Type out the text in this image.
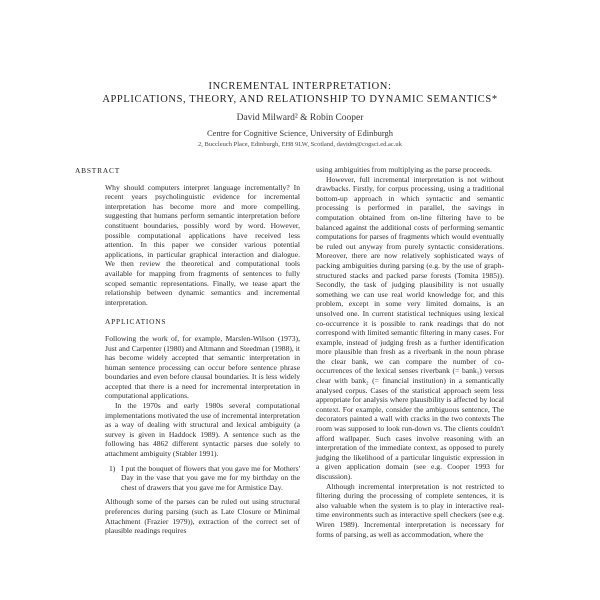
INCREMENTAL INTERPRETATION:
APPLICATIONS, THEORY, AND RELATIONSHIP TO DYNAMIC SEMANTICS*
David Milward² & Robin Cooper
Centre for Cognitive Science, University of Edinburgh
2, Buccleuch Place, Edinburgh, EH8 9LW, Scotland, davidm@cogsci.ed.ac.uk
ABSTRACT

Why should computers interpret language incrementally? In recent years psycholinguistic evidence for incremental interpretation has become more and more compelling, suggesting that humans perform semantic interpretation before constituent boundaries, possibly word by word. However, possible computational applications have received less attention. In this paper we consider various potential applications, in particular graphical interaction and dialogue. We then review the theoretical and computational tools available for mapping from fragments of sentences to fully scoped semantic representations. Finally, we tease apart the relationship between dynamic semantics and incremental interpretation.

APPLICATIONS

Following the work of, for example, Marslen-Wilson (1973), Just and Carpenter (1980) and Altmann and Steedman (1988), it has become widely accepted that semantic interpretation in human sentence processing can occur before sentence phrase boundaries and even before clausal boundaries. It is less widely accepted that there is a need for incremental interpretation in computational applications.

In the 1970s and early 1980s several computational implementations motivated the use of incremental interpretation as a way of dealing with structural and lexical ambiguity (a survey is given in Haddock 1989). A sentence such as the following has 4862 different syntactic parses due solely to attachment ambiguity (Stabler 1991).

1) I put the bouquet of flowers that you gave me for Mothers' Day in the vase that you gave me for my birthday on the chest of drawers that you gave me for Armistice Day.

Although some of the parses can be ruled out using structural preferences during parsing (such as Late Closure or Minimal Attachment (Frazier 1979)), extraction of the correct set of plausible readings requires

using ambiguities from multiplying as the parse proceeds.

However, full incremental interpretation is not without drawbacks. Firstly, for corpus processing, using a traditional bottom-up approach in which syntactic and semantic processing is performed in parallel, the savings in computation obtained from on-line filtering have to be balanced against the additional costs of performing semantic computations for parses of fragments which would eventually be ruled out anyway from purely syntactic considerations. Moreover, there are now relatively sophisticated ways of packing ambiguities during parsing (e.g. by the use of graph-structured stacks and packed parse forests (Tomita 1985)). Secondly, the task of judging plausibility is not usually something we can use real world knowledge for, and this problem, except in some very limited domains, is an unsolved one. In current statistical techniques using lexical co-occurrence it is possible to rank readings that do not correspond with limited semantic filtering in many cases. For example, instead of judging fresh as a further identification more plausible than fresh as a riverbank in the noun phrase the clear bank, we can compare the number of co-occurrences of the lexical senses riverbank (= bank₁) versus clear with bank₂ (= financial institution) in a semantically analysed corpus. Cases of the statistical approach seem less appropriate for analysis where plausibility is affected by local context. For example, consider the ambiguous sentence, The decorators painted a wall with cracks in the two contexts The room was supposed to look run-down vs. The clients couldn't afford wallpaper. Such cases involve reasoning with an interpretation of the immediate context, as opposed to purely judging the likelihood of a particular linguistic expression in a given application domain (see e.g. Cooper 1993 for discussion).

Although incremental interpretation is not restricted to filtering during the processing of complete sentences, it is also valuable when the system is to play in interactive real-time environments such as interactive spell checkers (see e.g. Wiren 1989). Incremental interpretation is necessary for forms of parsing, as well as accommodation, where the
